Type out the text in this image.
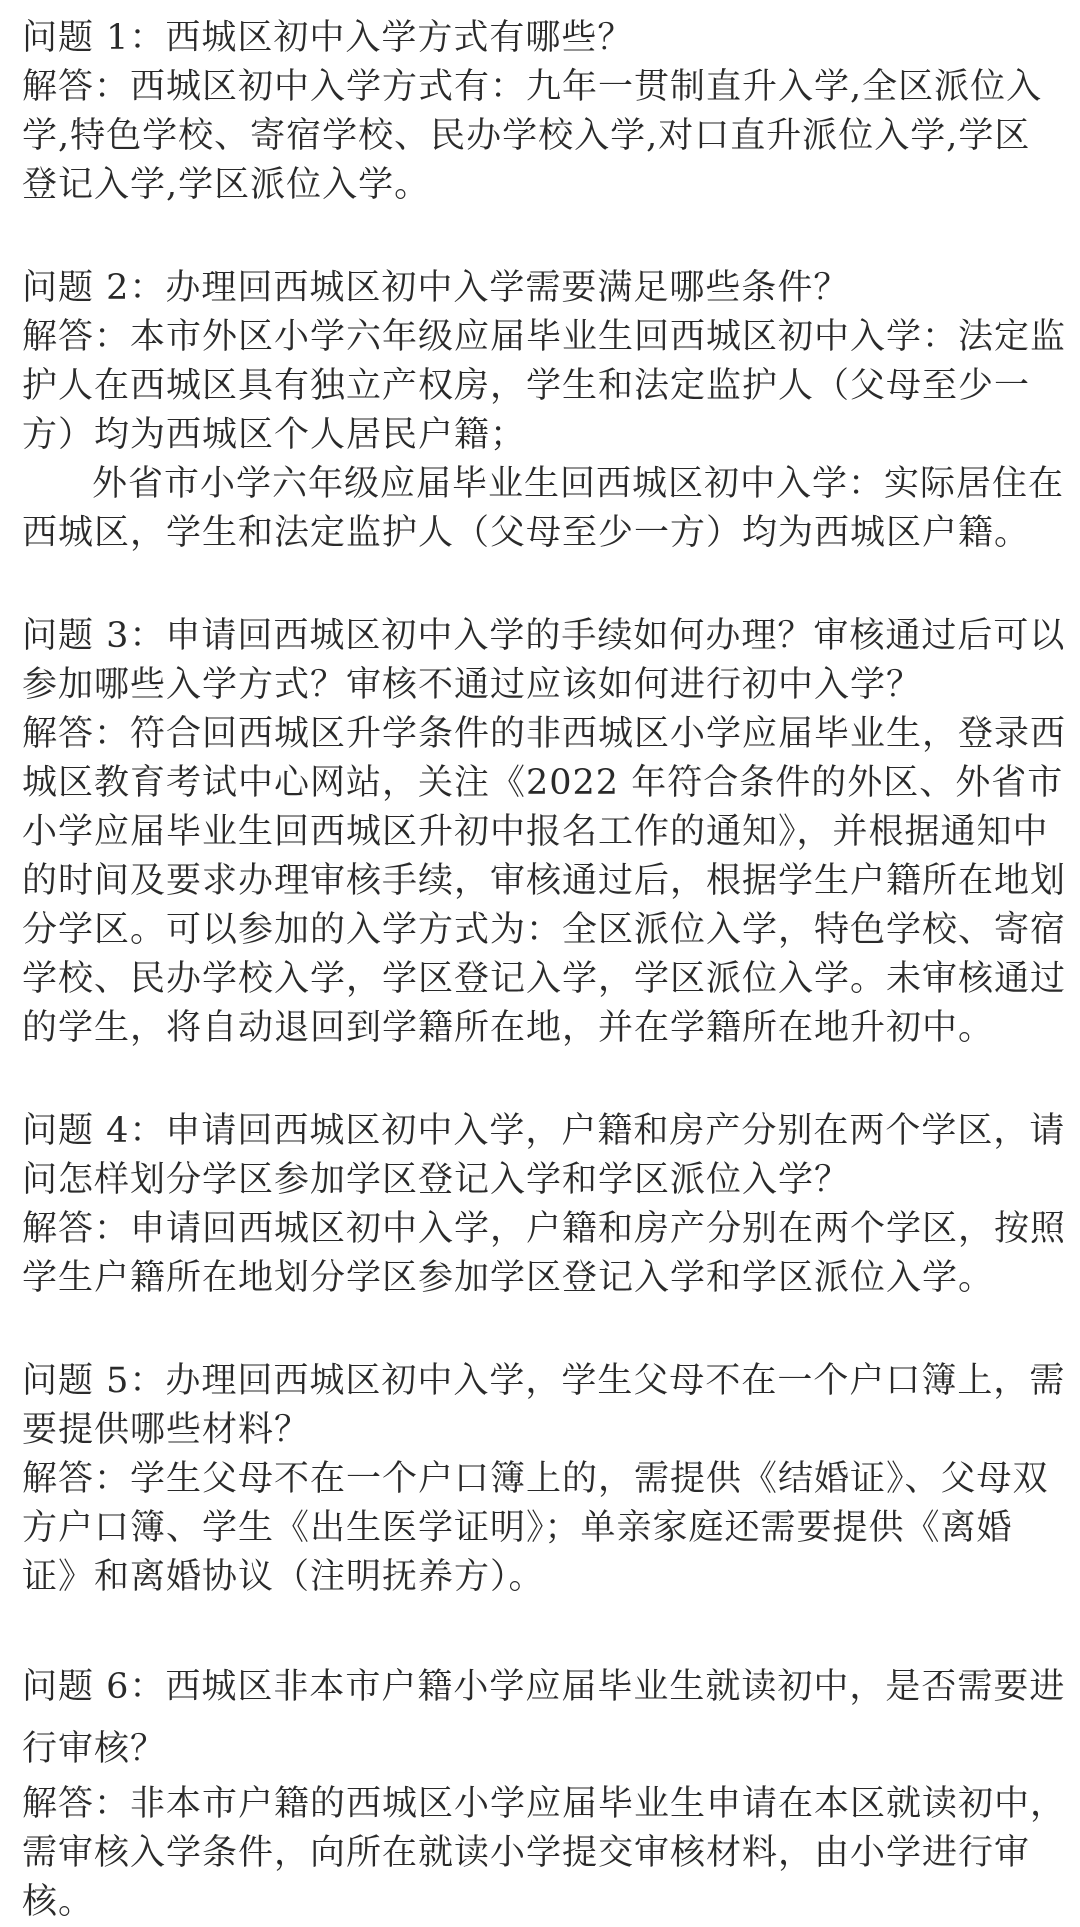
问题 1：西城区初中入学方式有哪些？
解答：西城区初中入学方式有：九年一贯制直升入学,全区派位入学,特色学校、寄宿学校、民办学校入学,对口直升派位入学,学区登记入学,学区派位入学。
问题 2：办理回西城区初中入学需要满足哪些条件？
解答：本市外区小学六年级应届毕业生回西城区初中入学：法定监护人在西城区具有独立产权房，学生和法定监护人（父母至少一方）均为西城区个人居民户籍；
外省市小学六年级应届毕业生回西城区初中入学：实际居住在西城区，学生和法定监护人（父母至少一方）均为西城区户籍。
问题 3：申请回西城区初中入学的手续如何办理？审核通过后可以参加哪些入学方式？审核不通过应该如何进行初中入学？
解答：符合回西城区升学条件的非西城区小学应届毕业生，登录西城区教育考试中心网站，关注《2022 年符合条件的外区、外省市小学应届毕业生回西城区升初中报名工作的通知》，并根据通知中的时间及要求办理审核手续，审核通过后，根据学生户籍所在地划分学区。可以参加的入学方式为：全区派位入学，特色学校、寄宿学校、民办学校入学，学区登记入学，学区派位入学。未审核通过的学生，将自动退回到学籍所在地，并在学籍所在地升初中。
问题 4：申请回西城区初中入学，户籍和房产分别在两个学区，请问怎样划分学区参加学区登记入学和学区派位入学？
解答：申请回西城区初中入学，户籍和房产分别在两个学区，按照学生户籍所在地划分学区参加学区登记入学和学区派位入学。
问题 5：办理回西城区初中入学，学生父母不在一个户口簿上，需要提供哪些材料？
解答：学生父母不在一个户口簿上的，需提供《结婚证》、父母双方户口簿、学生《出生医学证明》；单亲家庭还需要提供《离婚证》和离婚协议（注明抚养方）。
问题 6：西城区非本市户籍小学应届毕业生就读初中，是否需要进行审核？
解答：非本市户籍的西城区小学应届毕业生申请在本区就读初中，需审核入学条件，向所在就读小学提交审核材料，由小学进行审核。
